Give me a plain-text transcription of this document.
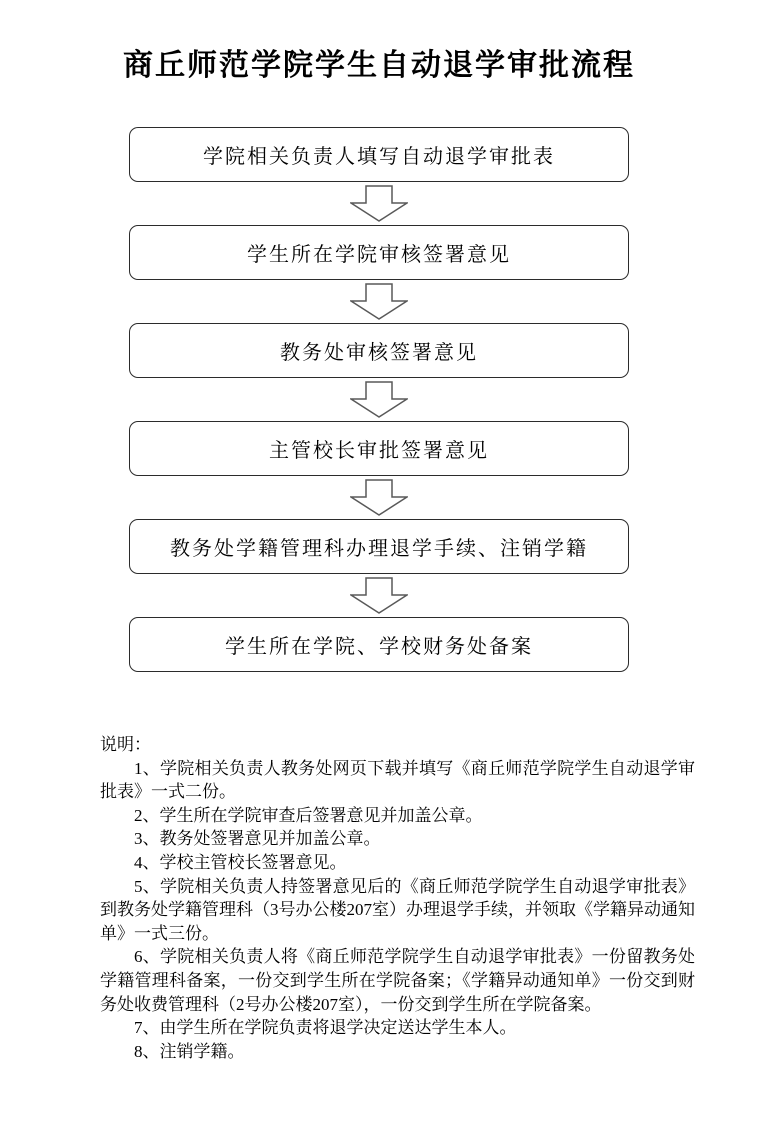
商丘师范学院学生自动退学审批流程
学院相关负责人填写自动退学审批表
学生所在学院审核签署意见
教务处审核签署意见
主管校长审批签署意见
教务处学籍管理科办理退学手续、注销学籍
学生所在学院、学校财务处备案

说明：

1、学院相关负责人教务处网页下载并填写《商丘师范学院学生自动退学审批表》一式二份。

2、学生所在学院审查后签署意见并加盖公章。

3、教务处签署意见并加盖公章。

4、学校主管校长签署意见。

5、学院相关负责人持签署意见后的《商丘师范学院学生自动退学审批表》到教务处学籍管理科（3号办公楼207室）办理退学手续，并领取《学籍异动通知单》一式三份。

6、学院相关负责人将《商丘师范学院学生自动退学审批表》一份留教务处学籍管理科备案，一份交到学生所在学院备案；《学籍异动通知单》一份交到财务处收费管理科（2号办公楼207室），一份交到学生所在学院备案。

7、由学生所在学院负责将退学决定送达学生本人。

8、注销学籍。
